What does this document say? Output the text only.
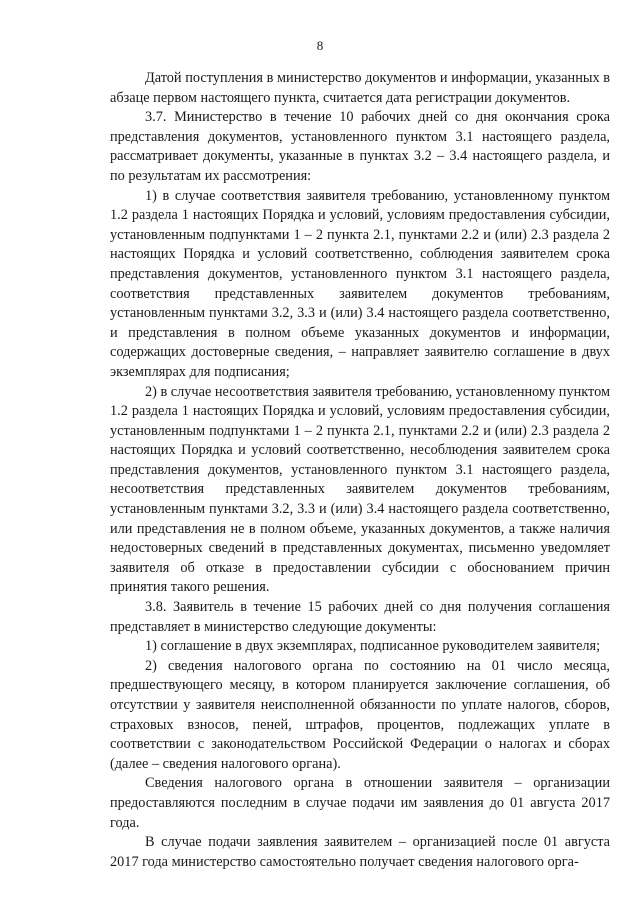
8

Датой поступления в министерство документов и информации, указанных в абзаце первом настоящего пункта, считается дата регистрации документов.

3.7. Министерство в течение 10 рабочих дней со дня окончания срока представления документов, установленного пунктом 3.1 настоящего раздела, рассматривает документы, указанные в пунктах 3.2 – 3.4 настоящего раздела, и по результатам их рассмотрения:

1) в случае соответствия заявителя требованию, установленному пунктом 1.2 раздела 1 настоящих Порядка и условий, условиям предоставления субсидии, установленным подпунктами 1 – 2 пункта 2.1, пунктами 2.2 и (или) 2.3 раздела 2 настоящих Порядка и условий соответственно, соблюдения заявителем срока представления документов, установленного пунктом 3.1 настоящего раздела, соответствия представленных заявителем документов требованиям, установленным пунктами 3.2, 3.3 и (или) 3.4 настоящего раздела соответственно, и представления в полном объеме указанных документов и информации, содержащих достоверные сведения, – направляет заявителю соглашение в двух экземплярах для подписания;

2) в случае несоответствия заявителя требованию, установленному пунктом 1.2 раздела 1 настоящих Порядка и условий, условиям предоставления субсидии, установленным подпунктами 1 – 2 пункта 2.1, пунктами 2.2 и (или) 2.3 раздела 2 настоящих Порядка и условий соответственно, несоблюдения заявителем срока представления документов, установленного пунктом 3.1 настоящего раздела, несоответствия представленных заявителем документов требованиям, установленным пунктами 3.2, 3.3 и (или) 3.4 настоящего раздела соответственно, или представления не в полном объеме, указанных документов, а также наличия недостоверных сведений в представленных документах, письменно уведомляет заявителя об отказе в предоставлении субсидии с обоснованием причин принятия такого решения.

3.8. Заявитель в течение 15 рабочих дней со дня получения соглашения представляет в министерство следующие документы:

1) соглашение в двух экземплярах, подписанное руководителем заявителя;

2) сведения налогового органа по состоянию на 01 число месяца, предшествующего месяцу, в котором планируется заключение соглашения, об отсутствии у заявителя неисполненной обязанности по уплате налогов, сборов, страховых взносов, пеней, штрафов, процентов, подлежащих уплате в соответствии с законодательством Российской Федерации о налогах и сборах (далее – сведения налогового органа).

Сведения налогового органа в отношении заявителя – организации предоставляются последним в случае подачи им заявления до 01 августа 2017 года.

В случае подачи заявления заявителем – организацией после 01 августа 2017 года министерство самостоятельно получает сведения налогового орга-
